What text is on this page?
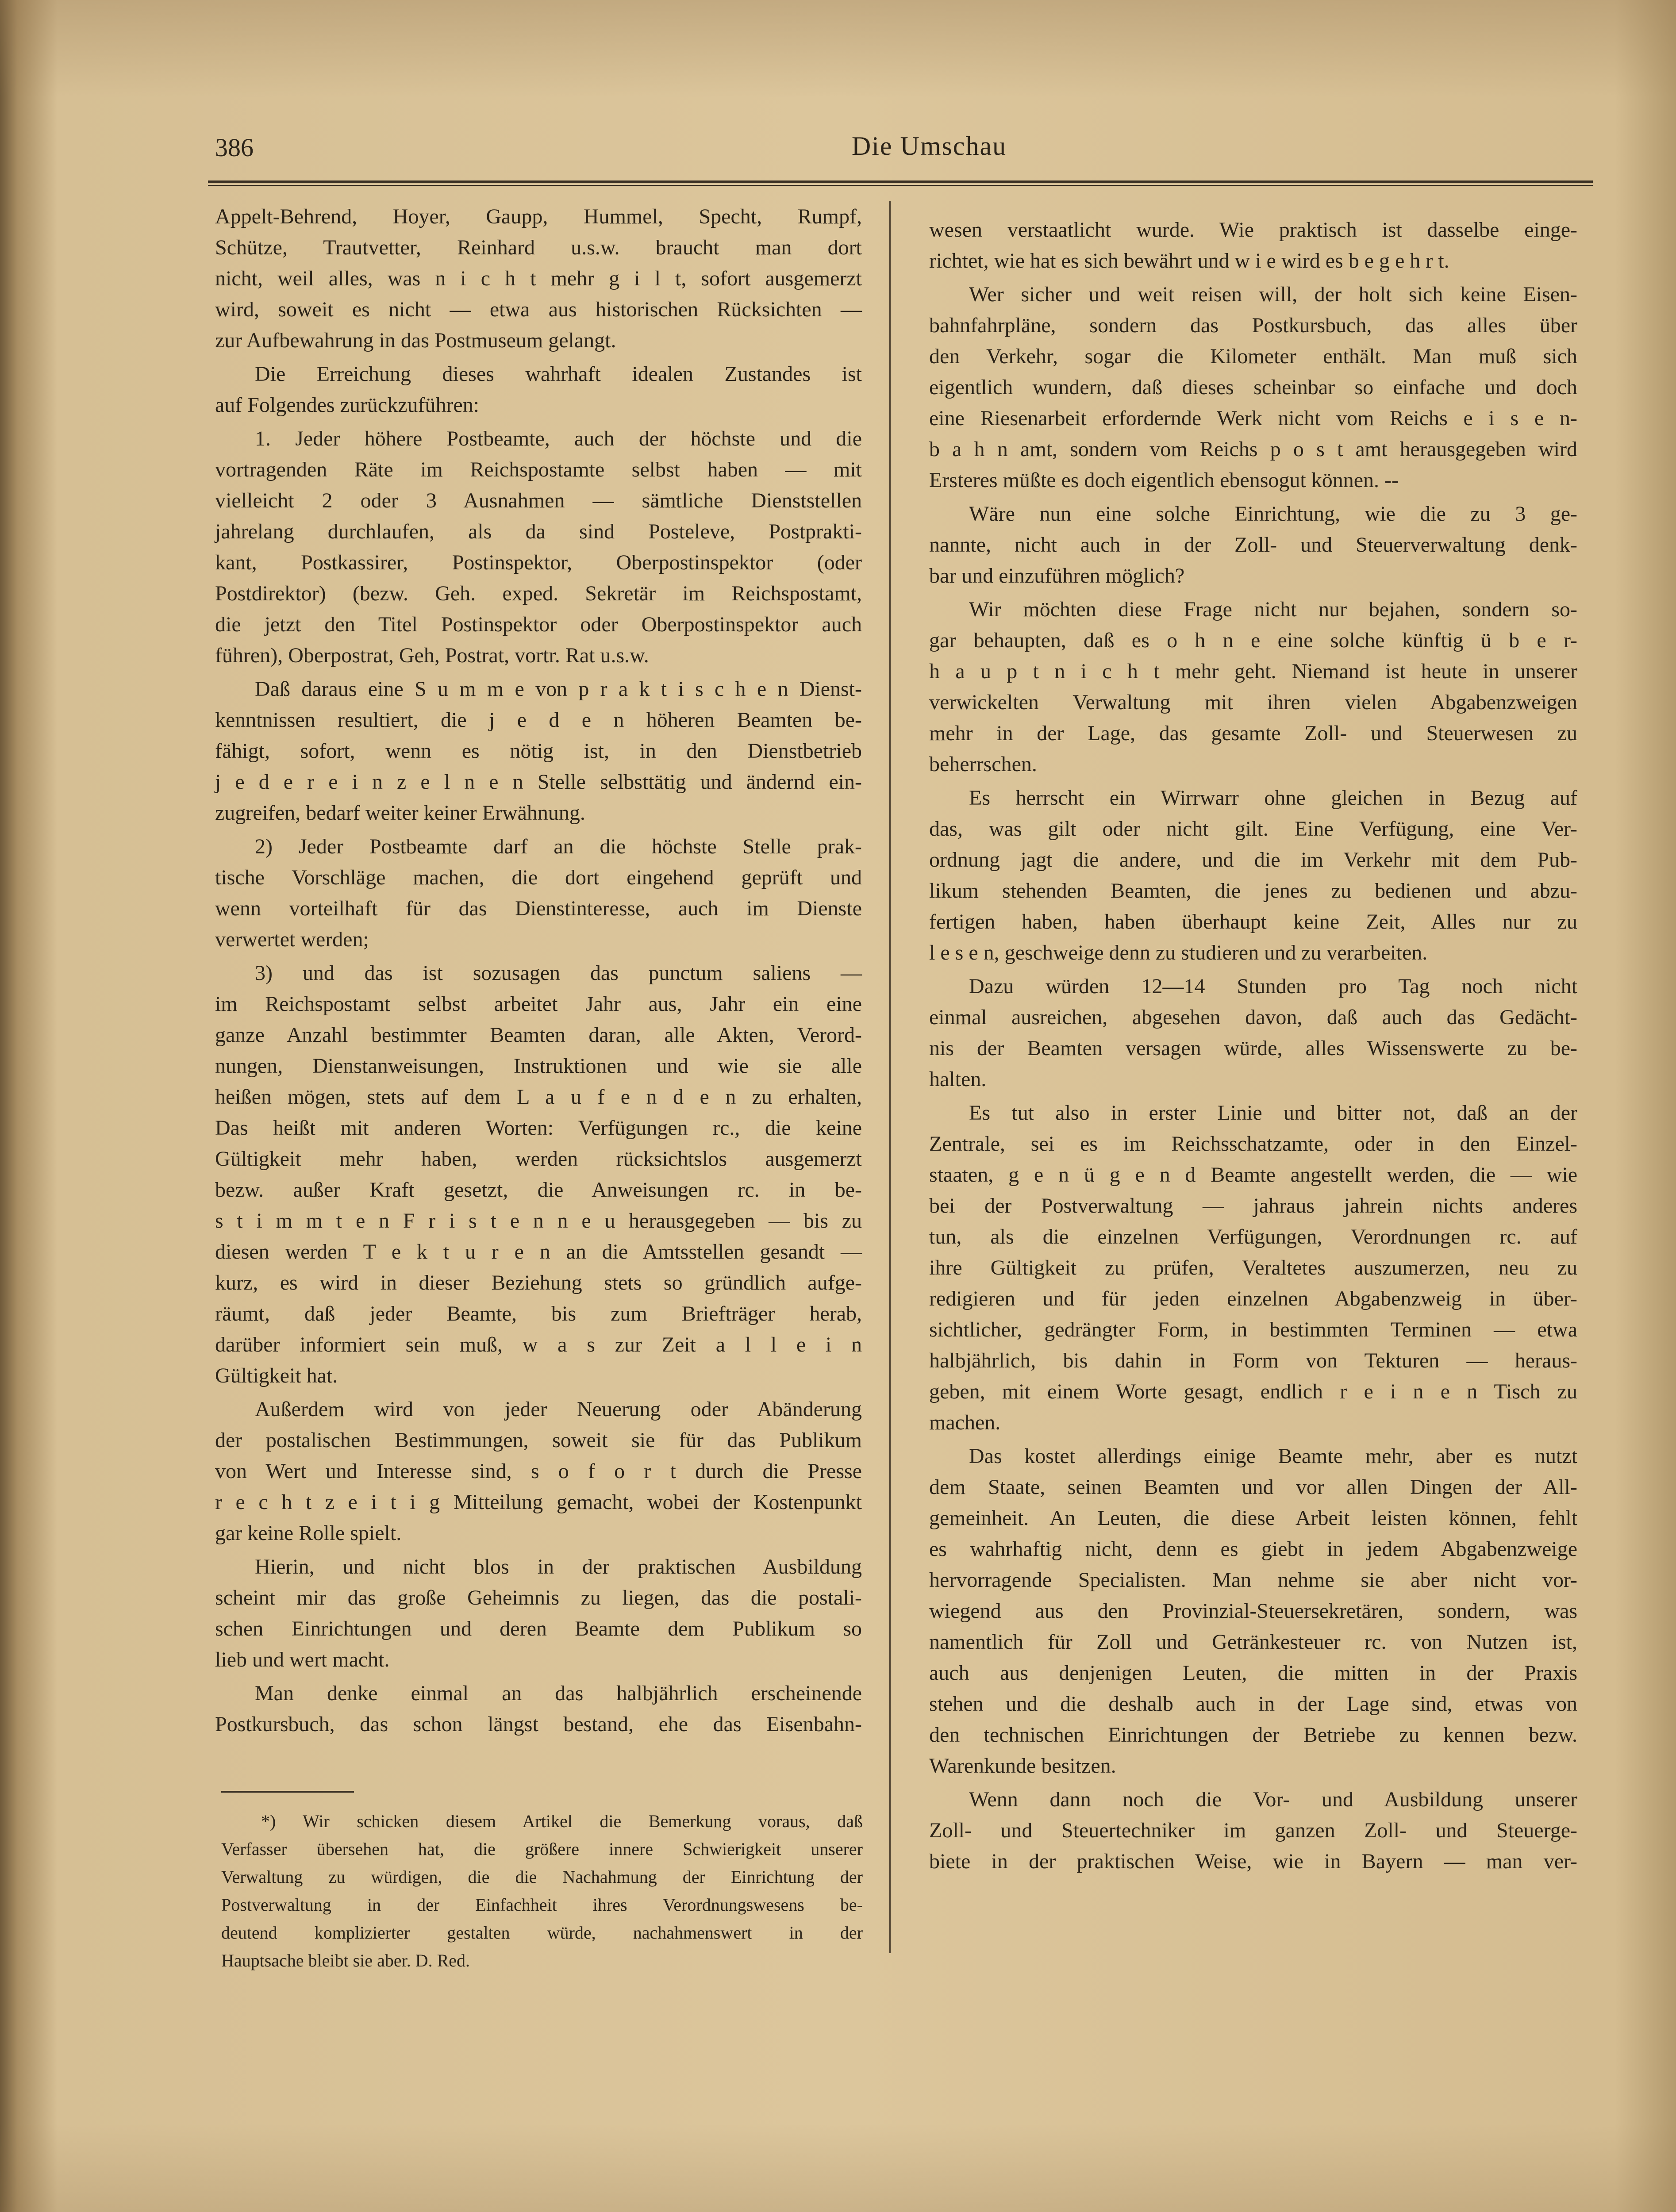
386	Die Umschau
Appelt-Behrend, Hoyer, Gaupp, Hummel, Specht, Rumpf,
Schütze, Trautvetter, Reinhard u.s.w. braucht man dort
nicht, weil alles, was n i c h t mehr g i l t, sofort ausgemerzt
wird, soweit es nicht — etwa aus historischen Rücksichten —
zur Aufbewahrung in das Postmuseum gelangt.
Die Erreichung dieses wahrhaft idealen Zustandes ist
auf Folgendes zurückzuführen:
1. Jeder höhere Postbeamte, auch der höchste und die
vortragenden Räte im Reichspostamte selbst haben — mit
vielleicht 2 oder 3 Ausnahmen — sämtliche Dienststellen
jahrelang durchlaufen, als da sind Posteleve, Postprakti-
kant, Postkassirer, Postinspektor, Oberpostinspektor (oder
Postdirektor) (bezw. Geh. exped. Sekretär im Reichspostamt,
die jetzt den Titel Postinspektor oder Oberpostinspektor auch
führen), Oberpostrat, Geh, Postrat, vortr. Rat u.s.w.
Daß daraus eine S u m m e von p r a k t i s c h e n Dienst-
kenntnissen resultiert, die j e d e n höheren Beamten be-
fähigt, sofort, wenn es nötig ist, in den Dienstbetrieb
j e d e r e i n z e l n e n Stelle selbsttätig und ändernd ein-
zugreifen, bedarf weiter keiner Erwähnung.
2) Jeder Postbeamte darf an die höchste Stelle prak-
tische Vorschläge machen, die dort eingehend geprüft und
wenn vorteilhaft für das Dienstinteresse, auch im Dienste
verwertet werden;
3) und das ist sozusagen das punctum saliens —
im Reichspostamt selbst arbeitet Jahr aus, Jahr ein eine
ganze Anzahl bestimmter Beamten daran, alle Akten, Verord-
nungen, Dienstanweisungen, Instruktionen und wie sie alle
heißen mögen, stets auf dem L a u f e n d e n zu erhalten,
Das heißt mit anderen Worten: Verfügungen rc., die keine
Gültigkeit mehr haben, werden rücksichtslos ausgemerzt
bezw. außer Kraft gesetzt, die Anweisungen rc. in be-
s t i m m t e n F r i s t e n n e u herausgegeben — bis zu
diesen werden T e k t u r e n an die Amtsstellen gesandt —
kurz, es wird in dieser Beziehung stets so gründlich aufge-
räumt, daß jeder Beamte, bis zum Briefträger herab,
darüber informiert sein muß, w a s zur Zeit a l l e i n
Gültigkeit hat.
Außerdem wird von jeder Neuerung oder Abänderung
der postalischen Bestimmungen, soweit sie für das Publikum
von Wert und Interesse sind, s o f o r t durch die Presse
r e c h t z e i t i g Mitteilung gemacht, wobei der Kostenpunkt
gar keine Rolle spielt.
Hierin, und nicht blos in der praktischen Ausbildung
scheint mir das große Geheimnis zu liegen, das die postali-
schen Einrichtungen und deren Beamte dem Publikum so
lieb und wert macht.
Man denke einmal an das halbjährlich erscheinende
Postkursbuch, das schon längst bestand, ehe das Eisenbahn-
wesen verstaatlicht wurde. Wie praktisch ist dasselbe einge-
richtet, wie hat es sich bewährt und w i e wird es b e g e h r t.
Wer sicher und weit reisen will, der holt sich keine Eisen-
bahnfahrpläne, sondern das Postkursbuch, das alles über
den Verkehr, sogar die Kilometer enthält. Man muß sich
eigentlich wundern, daß dieses scheinbar so einfache und doch
eine Riesenarbeit erfordernde Werk nicht vom Reichs e i s e n-
b a h n amt, sondern vom Reichs p o s t amt herausgegeben wird
Ersteres müßte es doch eigentlich ebensogut können. --
Wäre nun eine solche Einrichtung, wie die zu 3 ge-
nannte, nicht auch in der Zoll- und Steuerverwaltung denk-
bar und einzuführen möglich?
Wir möchten diese Frage nicht nur bejahen, sondern so-
gar behaupten, daß es o h n e eine solche künftig ü b e r-
h a u p t n i c h t mehr geht. Niemand ist heute in unserer
verwickelten Verwaltung mit ihren vielen Abgabenzweigen
mehr in der Lage, das gesamte Zoll- und Steuerwesen zu
beherrschen.
Es herrscht ein Wirrwarr ohne gleichen in Bezug auf
das, was gilt oder nicht gilt. Eine Verfügung, eine Ver-
ordnung jagt die andere, und die im Verkehr mit dem Pub-
likum stehenden Beamten, die jenes zu bedienen und abzu-
fertigen haben, haben überhaupt keine Zeit, Alles nur zu
l e s e n, geschweige denn zu studieren und zu verarbeiten.
Dazu würden 12—14 Stunden pro Tag noch nicht
einmal ausreichen, abgesehen davon, daß auch das Gedächt-
nis der Beamten versagen würde, alles Wissenswerte zu be-
halten.
Es tut also in erster Linie und bitter not, daß an der
Zentrale, sei es im Reichsschatzamte, oder in den Einzel-
staaten, g e n ü g e n d Beamte angestellt werden, die — wie
bei der Postverwaltung — jahraus jahrein nichts anderes
tun, als die einzelnen Verfügungen, Verordnungen rc. auf
ihre Gültigkeit zu prüfen, Veraltetes auszumerzen, neu zu
redigieren und für jeden einzelnen Abgabenzweig in über-
sichtlicher, gedrängter Form, in bestimmten Terminen — etwa
halbjährlich, bis dahin in Form von Tekturen — heraus-
geben, mit einem Worte gesagt, endlich r e i n e n Tisch zu
machen.
Das kostet allerdings einige Beamte mehr, aber es nutzt
dem Staate, seinen Beamten und vor allen Dingen der All-
gemeinheit. An Leuten, die diese Arbeit leisten können, fehlt
es wahrhaftig nicht, denn es giebt in jedem Abgabenzweige
hervorragende Specialisten. Man nehme sie aber nicht vor-
wiegend aus den Provinzial-Steuersekretären, sondern, was
namentlich für Zoll und Getränkesteuer rc. von Nutzen ist,
auch aus denjenigen Leuten, die mitten in der Praxis
stehen und die deshalb auch in der Lage sind, etwas von
den technischen Einrichtungen der Betriebe zu kennen bezw.
Warenkunde besitzen.
Wenn dann noch die Vor- und Ausbildung unserer
Zoll- und Steuertechniker im ganzen Zoll- und Steuerge-
biete in der praktischen Weise, wie in Bayern — man ver-
*) Wir schicken diesem Artikel die Bemerkung voraus, daß
Verfasser übersehen hat, die größere innere Schwierigkeit unserer
Verwaltung zu würdigen, die die Nachahmung der Einrichtung der
Postverwaltung in der Einfachheit ihres Verordnungswesens be-
deutend komplizierter gestalten würde, nachahmenswert in der
Hauptsache bleibt sie aber. D. Red.
